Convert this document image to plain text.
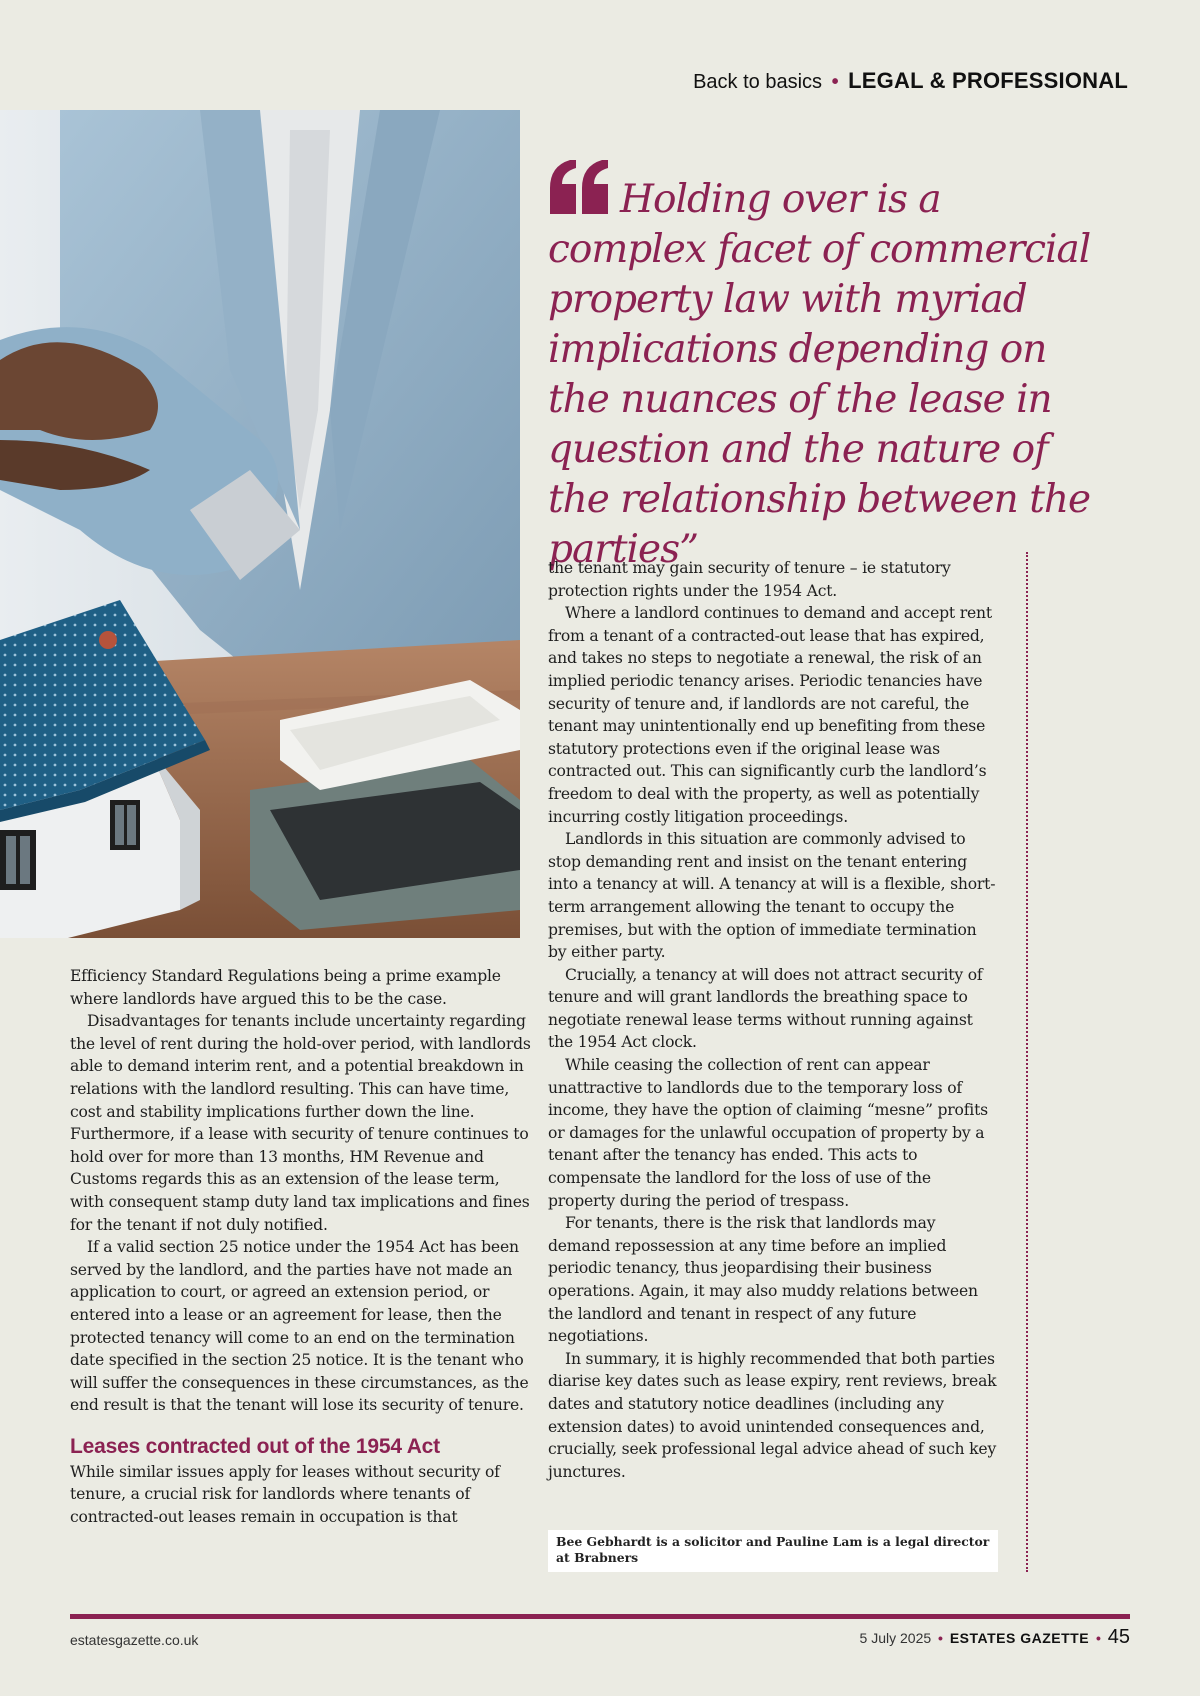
Back to basics • LEGAL & PROFESSIONAL
Holding over is a complex facet of commercial property law with myriad implications depending on the nuances of the lease in question and the nature of the relationship between the parties”

Efficiency Standard Regulations being a prime example where landlords have argued this to be the case.

Disadvantages for tenants include uncertainty regarding the level of rent during the hold-over period, with landlords able to demand interim rent, and a potential breakdown in relations with the landlord resulting. This can have time, cost and stability implications further down the line. Furthermore, if a lease with security of tenure continues to hold over for more than 13 months, HM Revenue and Customs regards this as an extension of the lease term, with consequent stamp duty land tax implications and fines for the tenant if not duly notified.

If a valid section 25 notice under the 1954 Act has been served by the landlord, and the parties have not made an application to court, or agreed an extension period, or entered into a lease or an agreement for lease, then the protected tenancy will come to an end on the termination date specified in the section 25 notice. It is the tenant who will suffer the consequences in these circumstances, as the end result is that the tenant will lose its security of tenure.

Leases contracted out of the 1954 Act

While similar issues apply for leases without security of tenure, a crucial risk for landlords where tenants of contracted-out leases remain in occupation is that

the tenant may gain security of tenure – ie statutory protection rights under the 1954 Act.

Where a landlord continues to demand and accept rent from a tenant of a contracted-out lease that has expired, and takes no steps to negotiate a renewal, the risk of an implied periodic tenancy arises. Periodic tenancies have security of tenure and, if landlords are not careful, the tenant may unintentionally end up benefiting from these statutory protections even if the original lease was contracted out. This can significantly curb the landlord’s freedom to deal with the property, as well as potentially incurring costly litigation proceedings.

Landlords in this situation are commonly advised to stop demanding rent and insist on the tenant entering into a tenancy at will. A tenancy at will is a flexible, short-term arrangement allowing the tenant to occupy the premises, but with the option of immediate termination by either party.

Crucially, a tenancy at will does not attract security of tenure and will grant landlords the breathing space to negotiate renewal lease terms without running against the 1954 Act clock.

While ceasing the collection of rent can appear unattractive to landlords due to the temporary loss of income, they have the option of claiming “mesne” profits or damages for the unlawful occupation of property by a tenant after the tenancy has ended. This acts to compensate the landlord for the loss of use of the property during the period of trespass.

For tenants, there is the risk that landlords may demand repossession at any time before an implied periodic tenancy, thus jeopardising their business operations. Again, it may also muddy relations between the landlord and tenant in respect of any future negotiations.

In summary, it is highly recommended that both parties diarise key dates such as lease expiry, rent reviews, break dates and statutory notice deadlines (including any extension dates) to avoid unintended consequences and, crucially, seek professional legal advice ahead of such key junctures.

Bee Gebhardt is a solicitor and Pauline Lam is a legal director at Brabners
estatesgazette.co.uk	5 July 2025 • ESTATES GAZETTE • 45
